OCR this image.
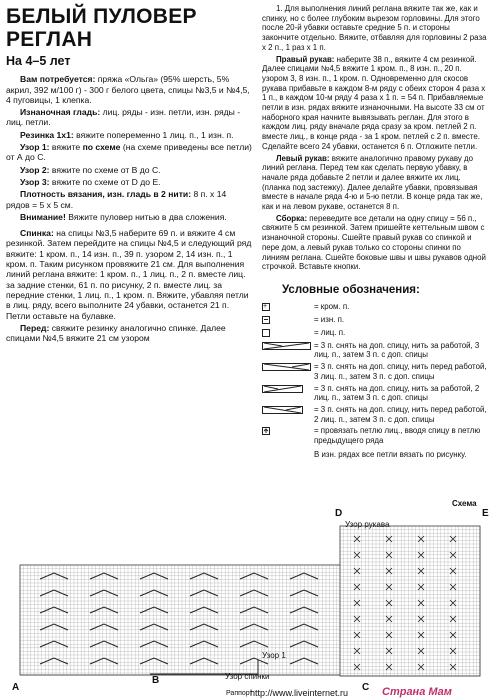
БЕЛЫЙ ПУЛОВЕР
РЕГЛАН
На 4–5 лет

Вам потребуется: пряжа «Ольга» (95% шерсть, 5% акрил, 392 м/100 г) - 300 г белого цвета, спицы №3,5 и №4,5, 4 пуговицы, 1 клепка.

Изнаночная гладь: лиц. ряды - изн. петли, изн. ряды - лиц. петли.

Резинка 1х1: вяжите попеременно 1 лиц. п., 1 изн. п.

Узор 1: вяжите по схеме (на схеме приведены все петли) от А до С.

Узор 2: вяжите по схеме от В до С.

Узор 3: вяжите по схеме от D до Е.

Плотность вязания, изн. гладь в 2 нити: 8 п. х 14 рядов = 5 х 5 см.

Внимание! Вяжите пуловер нитью в два сложения.

Спинка: на спицы №3,5 наберите 69 п. и вяжите 4 см резинкой. Затем перейдите на спицы №4,5 и следующий ряд вяжите: 1 кром. п., 14 изн. п., 39 п. узором 2, 14 изн. п., 1 кром. п. Таким рисунком провяжите 21 см. Для выполнения линий реглана вяжите: 1 кром. п., 1 лиц. п., 2 п. вместе лиц. за задние стенки, 61 п. по рисунку, 2 п. вместе лиц. за передние стенки, 1 лиц. п., 1 кром. п. Вяжите, убавляя петли в лиц. ряду, всего выполните 24 убавки, останется 21 п. Петли оставьте на булавке.

Перед: свяжите резинку аналогично спинке. Далее спицами №4,5 вяжите 21 см узором

1. Для выполнения линий реглана вяжите так же, как и спинку, но с более глубоким вырезом горловины. Для этого после 20-й убавки оставьте средние 5 п. и стороны закончите отдельно. Вяжите, отбавляя для горловины 2 раза х 2 п., 1 раз х 1 п.

Правый рукав: наберите 38 п., вяжите 4 см резинкой. Далее спицами №4,5 вяжите 1 кром. п., 8 изн. п., 20 п. узором 3, 8 изн. п., 1 кром. п. Одновременно для скосов рукава прибавьте в каждом 8-м ряду с обеих сторон 4 раза х 1 п., в каждом 10-м ряду 4 раза х 1 п. = 54 п. Прибавляемые петли в изн. рядах вяжите изнаночными. На высоте 33 см от наборного края начните вывязывать реглан. Для этого в каждом лиц. ряду вначале ряда сразу за кром. петлей 2 п. вместе лиц., в конце ряда - за 1 кром. петлей с 2 п. вместе. Сделайте всего 24 убавки, останется 6 п. Отложите петли.

Левый рукав: вяжите аналогично правому рукаву до линий реглана. Перед тем как сделать первую убавку, в начале ряда добавьте 2 петли и далее вяжите их лиц. (планка под застежку). Далее делайте убавки, провязывая вместе в начале ряда 4-ю и 5-ю петли. В конце ряда так же, как и на левом рукаве, останется 8 п.

Сборка: переведите все детали на одну спицу = 56 п., свяжите 5 см резинкой. Затем пришейте кеттельным швом с изнаночной стороны. Сшейте правый рукав со спинкой и пере дом, а левый рукав только со стороны спинки по линиям реглана. Сшейте боковые швы и швы рукавов одной строчкой. Вставьте кнопки.

Условные обозначения:
+	= кром. п.
= изн. п.
= лиц. п.
= 3 п. снять на доп. спицу, нить за работой, 3 лиц. п., затем 3 п. с доп. спицы
= 3 п. снять на доп. спицу, нить перед работой, 3 лиц. п., затем 3 п. с доп. спицы
= 3 п. снять на доп. спицу, нить за работой, 2 лиц. п., затем 3 п. с доп. спицы
= 3 п. снять на доп. спицу, нить перед работой, 2 лиц. п., затем 3 п. с доп. спицы
= провязать петлю лиц., вводя спицу в петлю предыдущего ряда

В изн. рядах все петли вязать по рисунку.

Схема
Узор рукава
Узор спинки
Узор 1
D	E
А
В
С
Раппорт
http://www.liveinternet.ru	Страна Мам
